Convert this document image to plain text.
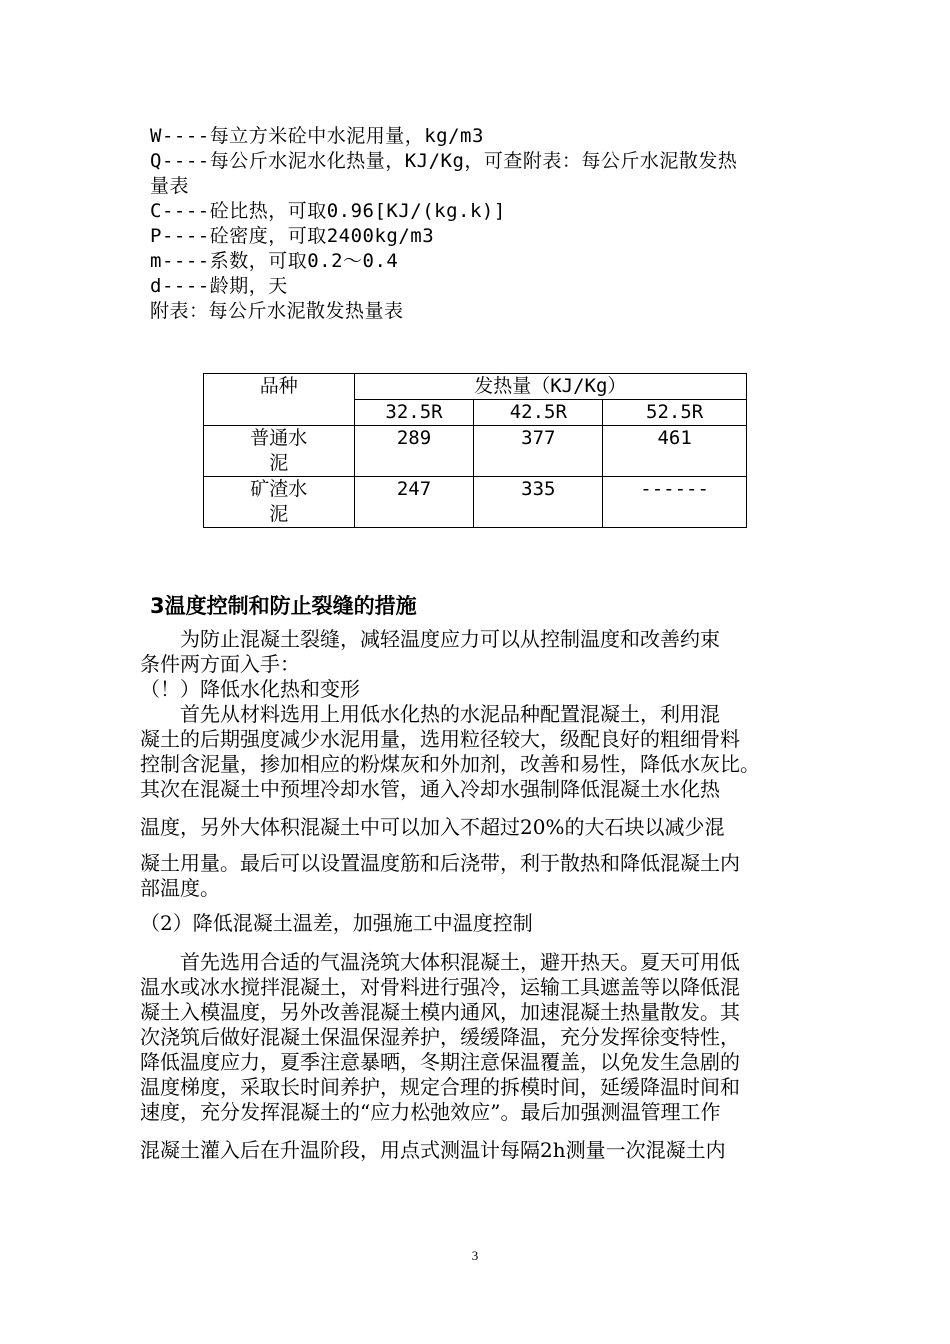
W----每立方米砼中水泥用量，kg/m3
Q----每公斤水泥水化热量，KJ/Kg，可查附表：每公斤水泥散发热
量表
C----砼比热，可取0.96[KJ/(kg.k)]
P----砼密度，可取2400kg/m3
m----系数，可取0.2～0.4
d----龄期，天
附表：每公斤水泥散发热量表
品种	发热量（KJ/Kg）		
	32.5R	42.5R	52.5R

普通水
泥	289	377	461

矿渣水
泥	247	335	------
3温度控制和防止裂缝的措施
　　为防止混凝土裂缝，减轻温度应力可以从控制温度和改善约束
条件两方面入手：
（！）降低水化热和变形
　　首先从材料选用上用低水化热的水泥品种配置混凝土，利用混
凝土的后期强度减少水泥用量，选用粒径较大，级配良好的粗细骨料
控制含泥量，掺加相应的粉煤灰和外加剂，改善和易性，降低水灰比。
其次在混凝土中预埋冷却水管，通入冷却水强制降低混凝土水化热
温度，另外大体积混凝土中可以加入不超过20%的大石块以减少混
凝土用量。最后可以设置温度筋和后浇带，利于散热和降低混凝土内
部温度。
（2）降低混凝土温差，加强施工中温度控制
　　首先选用合适的气温浇筑大体积混凝土，避开热天。夏天可用低
温水或冰水搅拌混凝土，对骨料进行强冷，运输工具遮盖等以降低混
凝土入模温度，另外改善混凝土模内通风，加速混凝土热量散发。其
次浇筑后做好混凝土保温保湿养护，缓缓降温，充分发挥徐变特性，
降低温度应力，夏季注意暴晒，冬期注意保温覆盖，以免发生急剧的
温度梯度，采取长时间养护，规定合理的拆模时间，延缓降温时间和
速度，充分发挥混凝土的“应力松弛效应”。最后加强测温管理工作
混凝土灌入后在升温阶段，用点式测温计每隔2h测量一次混凝土内
3
